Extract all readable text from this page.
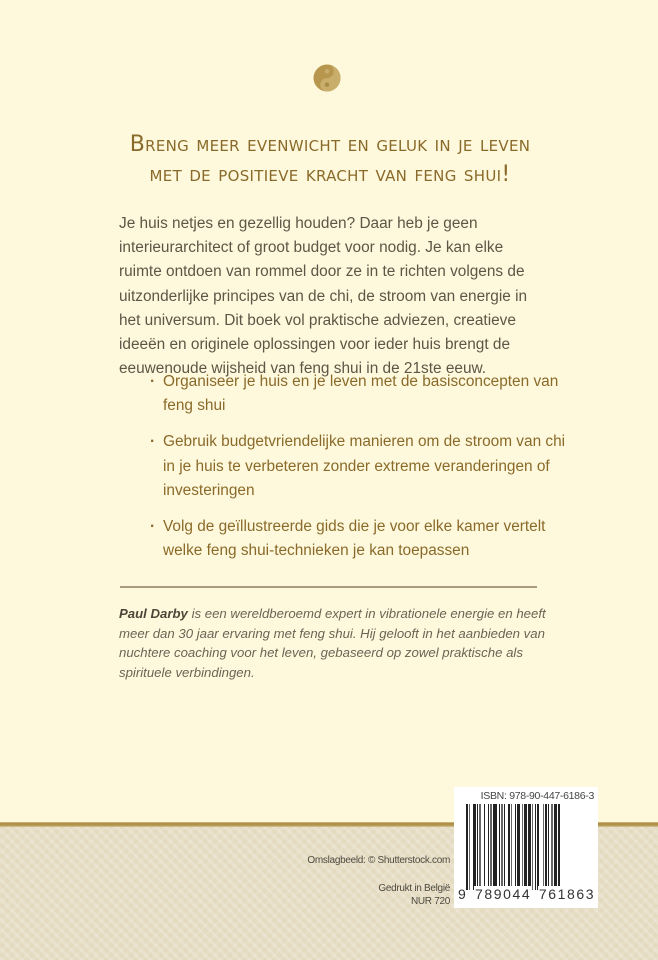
Breng meer evenwicht en geluk in je leven
met de positieve kracht van feng shui!

Je huis netjes en gezellig houden? Daar heb je geen interieurarchitect of groot budget voor nodig. Je kan elke ruimte ontdoen van rommel door ze in te richten volgens de uitzonderlijke principes van de chi, de stroom van energie in het universum. Dit boek vol praktische adviezen, creatieve ideeën en originele oplossingen voor ieder huis brengt de eeuwenoude wijsheid van feng shui in de 21ste eeuw.

· Organiseer je huis en je leven met de basisconcepten van feng shui
· Gebruik budgetvriendelijke manieren om de stroom van chi in je huis te verbeteren zonder extreme veranderingen of investeringen
· Volg de geïllustreerde gids die je voor elke kamer vertelt welke feng shui-technieken je kan toepassen

Paul Darby is een wereldberoemd expert in vibrationele energie en heeft meer dan 30 jaar ervaring met feng shui. Hij gelooft in het aanbieden van nuchtere coaching voor het leven, gebaseerd op zowel praktische als spirituele verbindingen.

Omslagbeeld: © Shutterstock.com
Gedrukt in België
NUR 720
ISBN: 978-90-447-6186-3
9 789044 761863
